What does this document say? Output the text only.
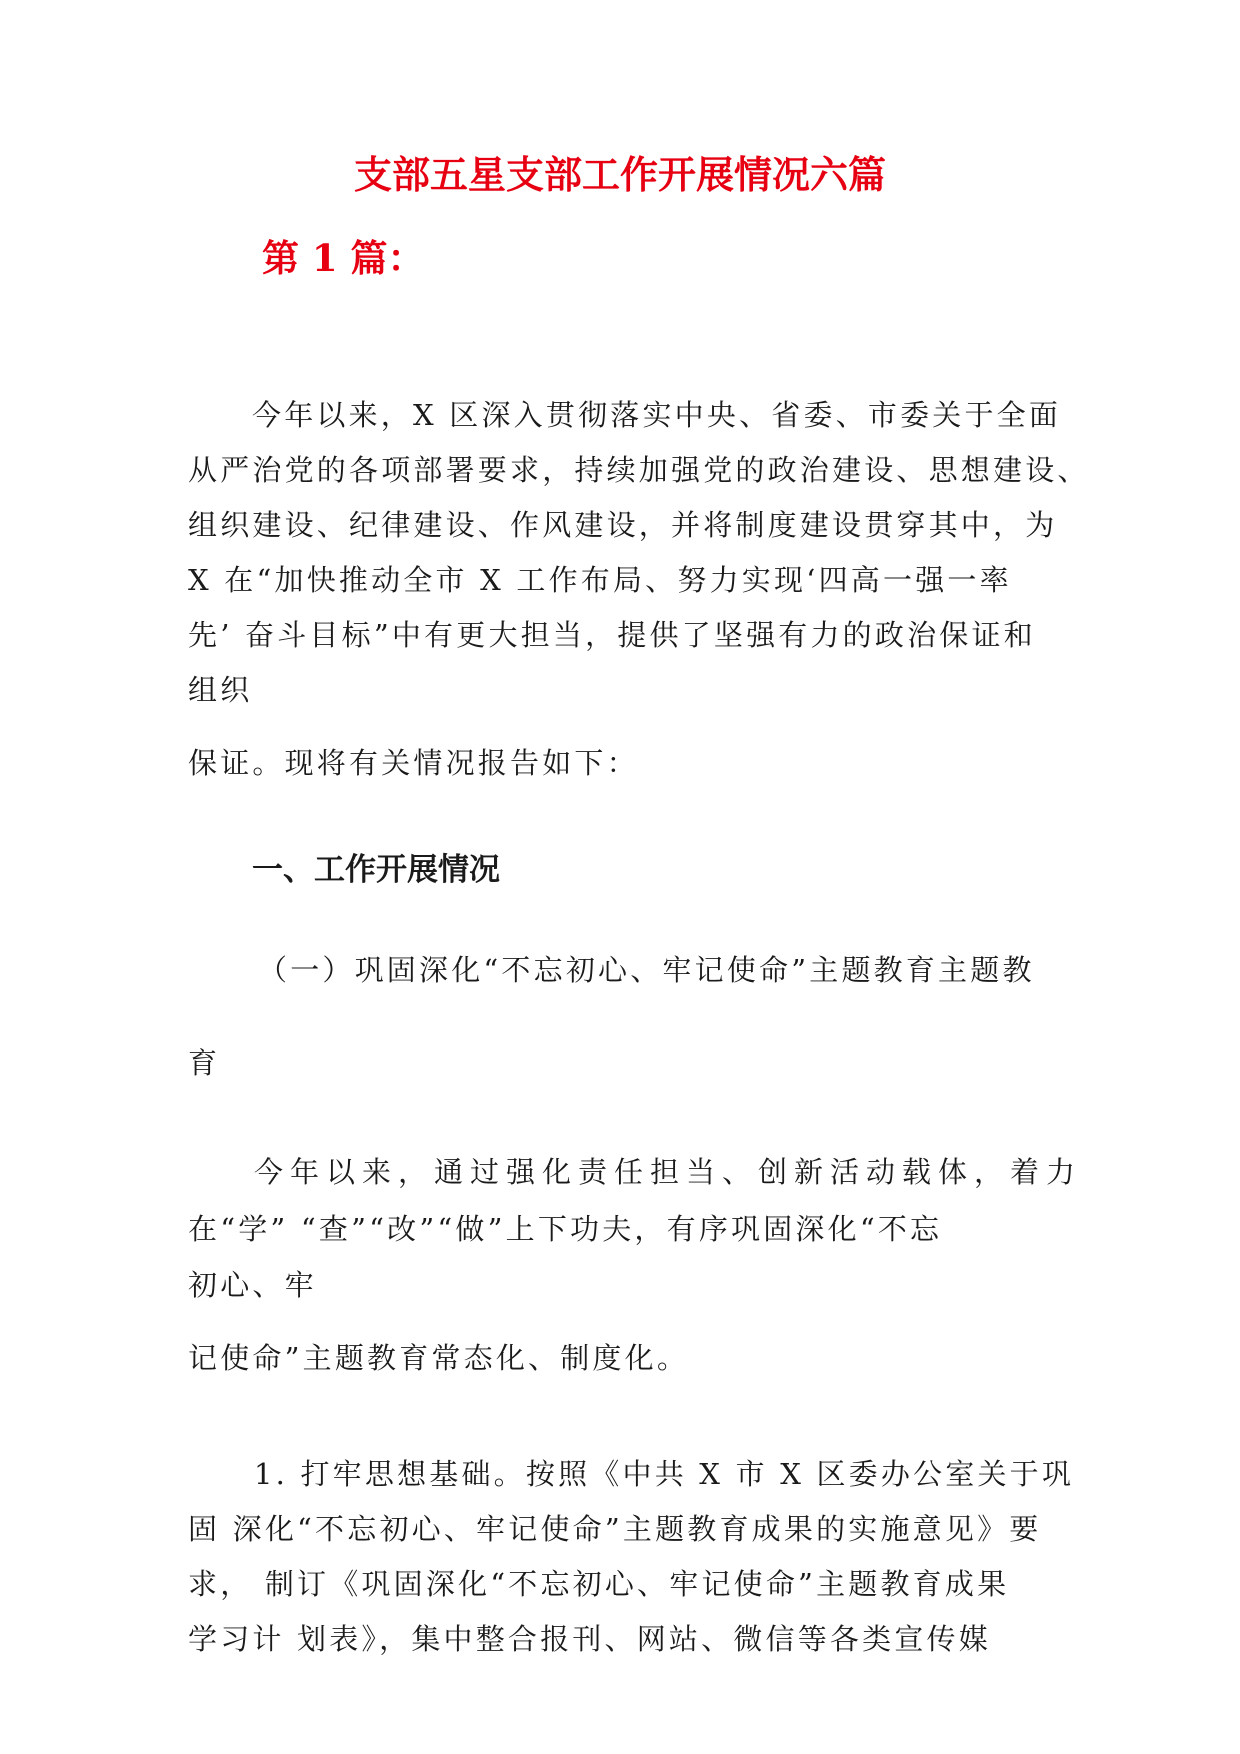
支部五星支部工作开展情况六篇
第 1 篇：
今年以来，X 区深入贯彻落实中央、省委、市委关于全面
从严治党的各项部署要求，持续加强党的政治建设、思想建设、
组织建设、纪律建设、作风建设，并将制度建设贯穿其中，为
X 在“加快推动全市 X 工作布局、努力实现‘四高一强一率
先’ 奋斗目标”中有更大担当，提供了坚强有力的政治保证和
组织
保证。现将有关情况报告如下：
一、工作开展情况
（一）巩固深化“不忘初心、牢记使命”主题教育主题教
育
今年以来，通过强化责任担当、创新活动载体，着力
在“学” “查”“改”“做”上下功夫，有序巩固深化“不忘
初心、牢
记使命”主题教育常态化、制度化。
1. 打牢思想基础。按照《中共 X 市 X 区委办公室关于巩
固 深化“不忘初心、牢记使命”主题教育成果的实施意见》要
求， 制订《巩固深化“不忘初心、牢记使命”主题教育成果
学习计 划表》，集中整合报刊、网站、微信等各类宣传媒
